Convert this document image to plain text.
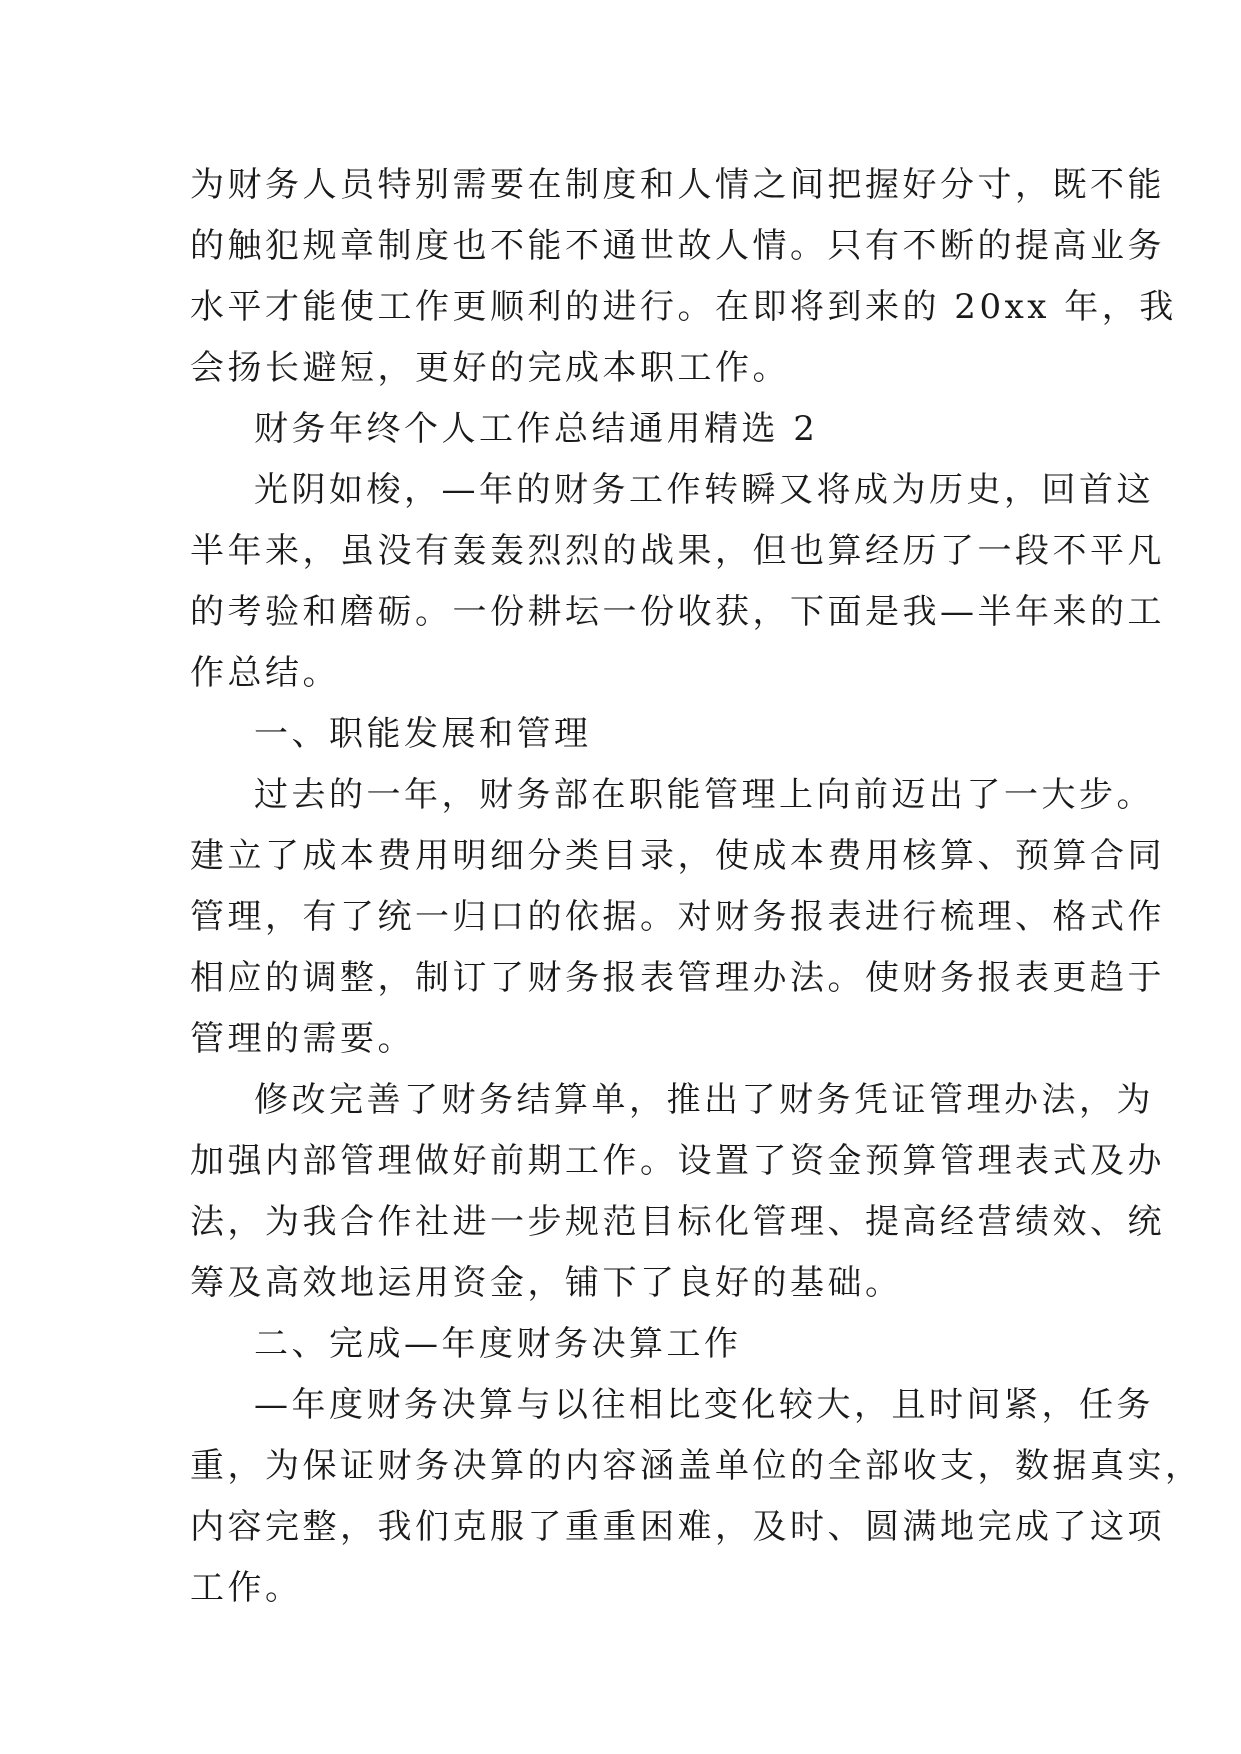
为财务人员特别需要在制度和人情之间把握好分寸，既不能
的触犯规章制度也不能不通世故人情。只有不断的提高业务
水平才能使工作更顺利的进行。在即将到来的 20xx 年，我
会扬长避短，更好的完成本职工作。
财务年终个人工作总结通用精选 2
光阴如梭，—年的财务工作转瞬又将成为历史，回首这
半年来，虽没有轰轰烈烈的战果，但也算经历了一段不平凡
的考验和磨砺。一份耕坛一份收获，下面是我—半年来的工
作总结。
一、职能发展和管理
过去的一年，财务部在职能管理上向前迈出了一大步。
建立了成本费用明细分类目录，使成本费用核算、预算合同
管理，有了统一归口的依据。对财务报表进行梳理、格式作
相应的调整，制订了财务报表管理办法。使财务报表更趋于
管理的需要。
修改完善了财务结算单，推出了财务凭证管理办法，为
加强内部管理做好前期工作。设置了资金预算管理表式及办
法，为我合作社进一步规范目标化管理、提高经营绩效、统
筹及高效地运用资金，铺下了良好的基础。
二、完成—年度财务决算工作
—年度财务决算与以往相比变化较大，且时间紧，任务
重，为保证财务决算的内容涵盖单位的全部收支，数据真实，
内容完整，我们克服了重重困难，及时、圆满地完成了这项
工作。
